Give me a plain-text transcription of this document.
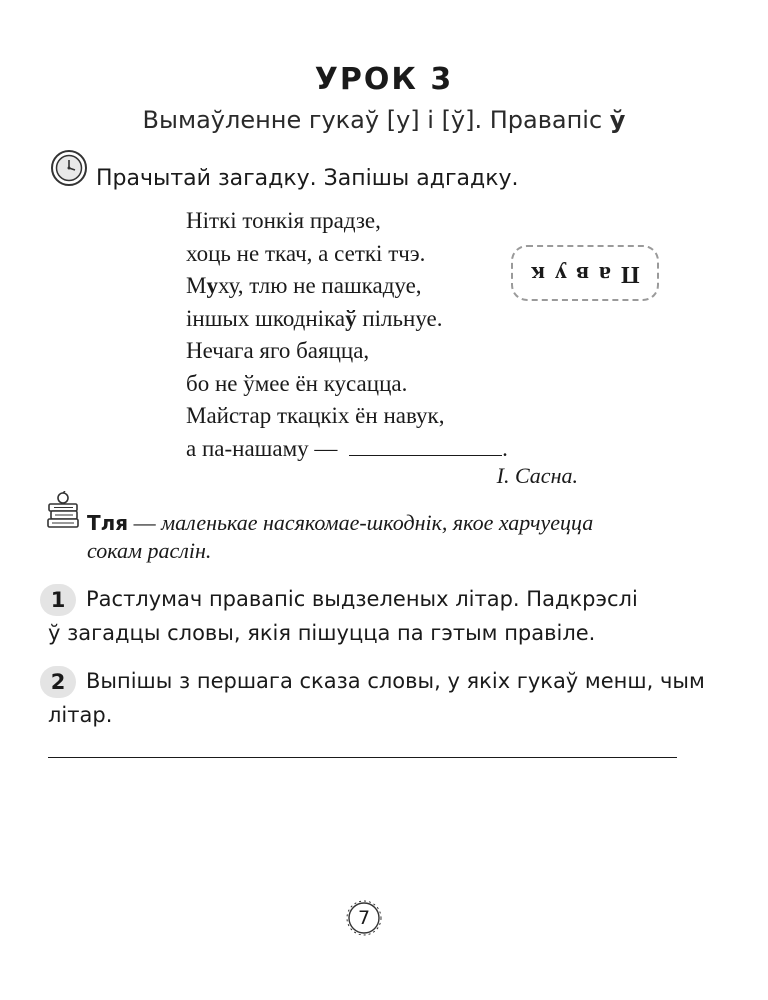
УРОК 3
Вымаўленне гукаў [у] і [ў]. Правапіс ў
Прачытай загадку. Запішы адгадку.
Ніткі тонкія прадзе,
хоць не ткач, а сеткі тчэ.
Муху, тлю не пашкадуе,
іншых шкоднікаў пільнуе.
Нечага яго баяцца,
бо не ўмее ён кусацца.
Майстар ткацкіх ён навук,
а па-нашаму —	.
І. Сасна.
Павук
Тля — маленькае насякомае-шкоднік, якое харчуецца
сокам раслін.
1 Растлумач правапіс выдзеленых літар. Падкрэслі
ў загадцы словы, якія пішуцца па гэтым правіле.
2 Выпішы з першага сказа словы, у якіх гукаў менш, чым
літар.
7
